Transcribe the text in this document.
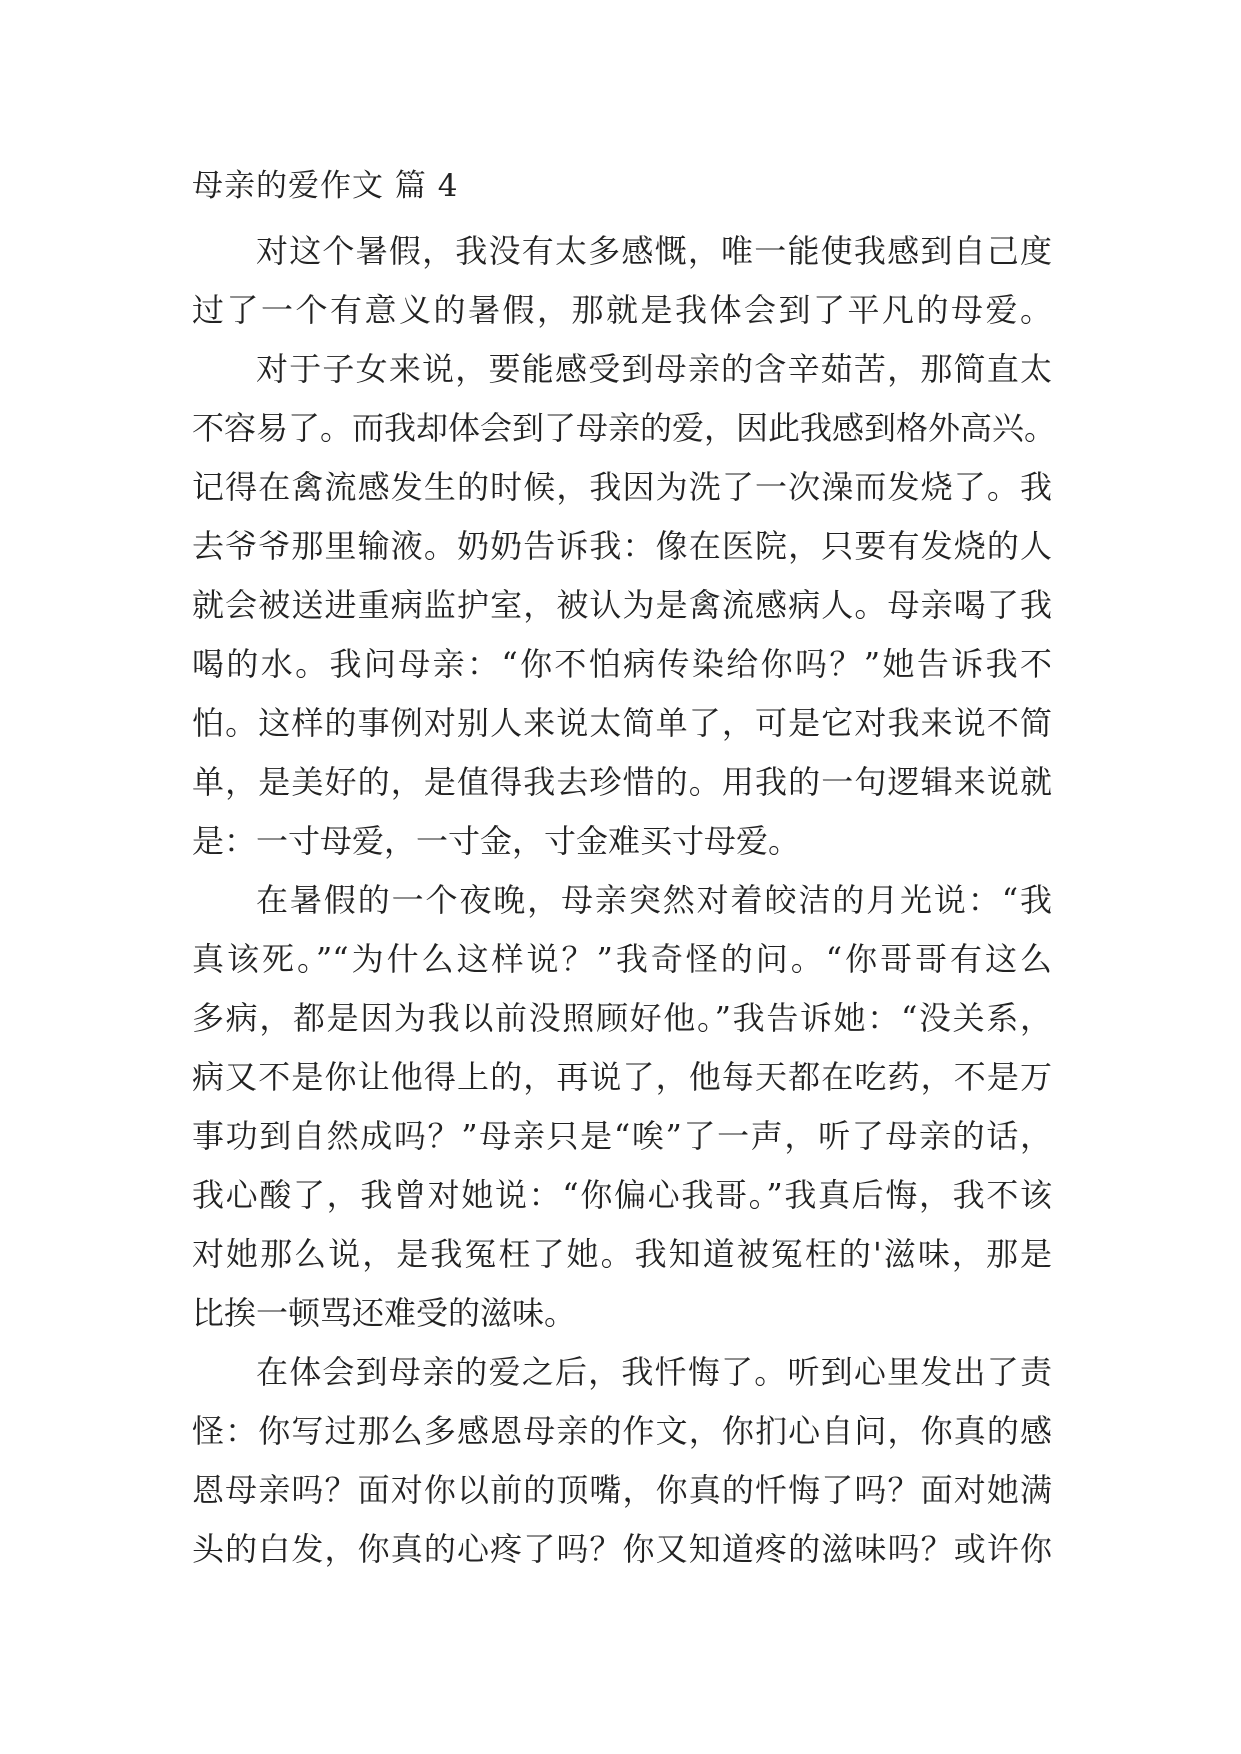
母亲的爱作文 篇 4
对这个暑假，我没有太多感慨，唯一能使我感到自己度
过了一个有意义的暑假，那就是我体会到了平凡的母爱。
对于子女来说，要能感受到母亲的含辛茹苦，那简直太
不容易了。而我却体会到了母亲的爱，因此我感到格外高兴。
记得在禽流感发生的时候，我因为洗了一次澡而发烧了。我
去爷爷那里输液。奶奶告诉我：像在医院，只要有发烧的人
就会被送进重病监护室，被认为是禽流感病人。母亲喝了我
喝的水。我问母亲：“你不怕病传染给你吗？”她告诉我不
怕。这样的事例对别人来说太简单了，可是它对我来说不简
单，是美好的，是值得我去珍惜的。用我的一句逻辑来说就
是：一寸母爱，一寸金，寸金难买寸母爱。
在暑假的一个夜晚，母亲突然对着皎洁的月光说：“我
真该死。”“为什么这样说？”我奇怪的问。“你哥哥有这么
多病，都是因为我以前没照顾好他。”我告诉她：“没关系，
病又不是你让他得上的，再说了，他每天都在吃药，不是万
事功到自然成吗？”母亲只是“唉”了一声，听了母亲的话，
我心酸了，我曾对她说：“你偏心我哥。”我真后悔，我不该
对她那么说，是我冤枉了她。我知道被冤枉的'滋味，那是
比挨一顿骂还难受的滋味。
在体会到母亲的爱之后，我忏悔了。听到心里发出了责
怪：你写过那么多感恩母亲的作文，你扪心自问，你真的感
恩母亲吗？面对你以前的顶嘴，你真的忏悔了吗？面对她满
头的白发，你真的心疼了吗？你又知道疼的滋味吗？或许你
